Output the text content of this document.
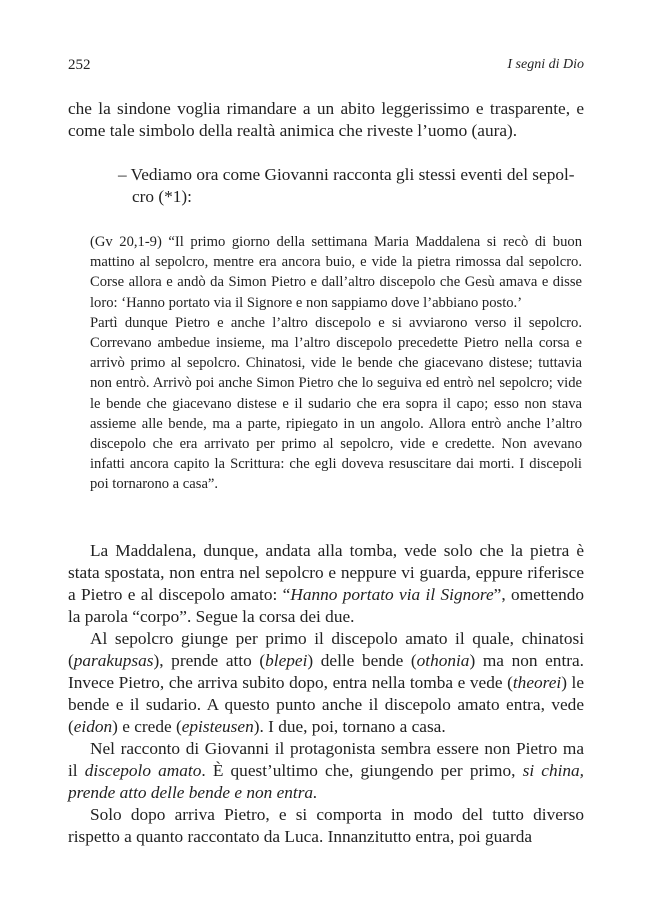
252	I segni di Dio

che la sindone voglia rimandare a un abito leggerissimo e trasparente, e come tale simbolo della realtà animica che riveste l’uomo (aura).

– Vediamo ora come Giovanni racconta gli stessi eventi del sepol-
cro (*1):

(Gv 20,1-9) “Il primo giorno della settimana Maria Maddalena si recò di buon mattino al sepolcro, mentre era ancora buio, e vide la pietra rimossa dal sepolcro. Corse allora e andò da Simon Pietro e dall’altro discepolo che Gesù amava e disse loro: ‘Hanno portato via il Signore e non sappiamo dove l’abbiano posto.’

Partì dunque Pietro e anche l’altro discepolo e si avviarono verso il sepolcro. Correvano ambedue insieme, ma l’altro discepolo precedette Pietro nella corsa e arrivò primo al sepolcro. Chinatosi, vide le bende che giacevano distese; tuttavia non entrò. Arrivò poi anche Simon Pietro che lo seguiva ed entrò nel sepolcro; vide le bende che giacevano distese e il sudario che era sopra il capo; esso non stava assieme alle bende, ma a parte, ripiegato in un angolo. Allora entrò anche l’altro discepolo che era arrivato per primo al sepolcro, vide e credette. Non avevano infatti ancora capito la Scrittura: che egli doveva resuscitare dai morti. I discepoli poi tornarono a casa”.

La Maddalena, dunque, andata alla tomba, vede solo che la pietra è stata spostata, non entra nel sepolcro e neppure vi guarda, eppure riferisce a Pietro e al discepolo amato: “Hanno portato via il Signore”, omettendo la parola “corpo”. Segue la corsa dei due.

Al sepolcro giunge per primo il discepolo amato il quale, chinatosi (parakupsas), prende atto (blepei) delle bende (othonia) ma non entra. Invece Pietro, che arriva subito dopo, entra nella tomba e vede (theorei) le bende e il sudario. A questo punto anche il discepolo amato entra, vede (eidon) e crede (episteusen). I due, poi, tornano a casa.

Nel racconto di Giovanni il protagonista sembra essere non Pietro ma il discepolo amato. È quest’ultimo che, giungendo per primo, si china, prende atto delle bende e non entra.

Solo dopo arriva Pietro, e si comporta in modo del tutto diverso rispetto a quanto raccontato da Luca. Innanzitutto entra, poi guarda
